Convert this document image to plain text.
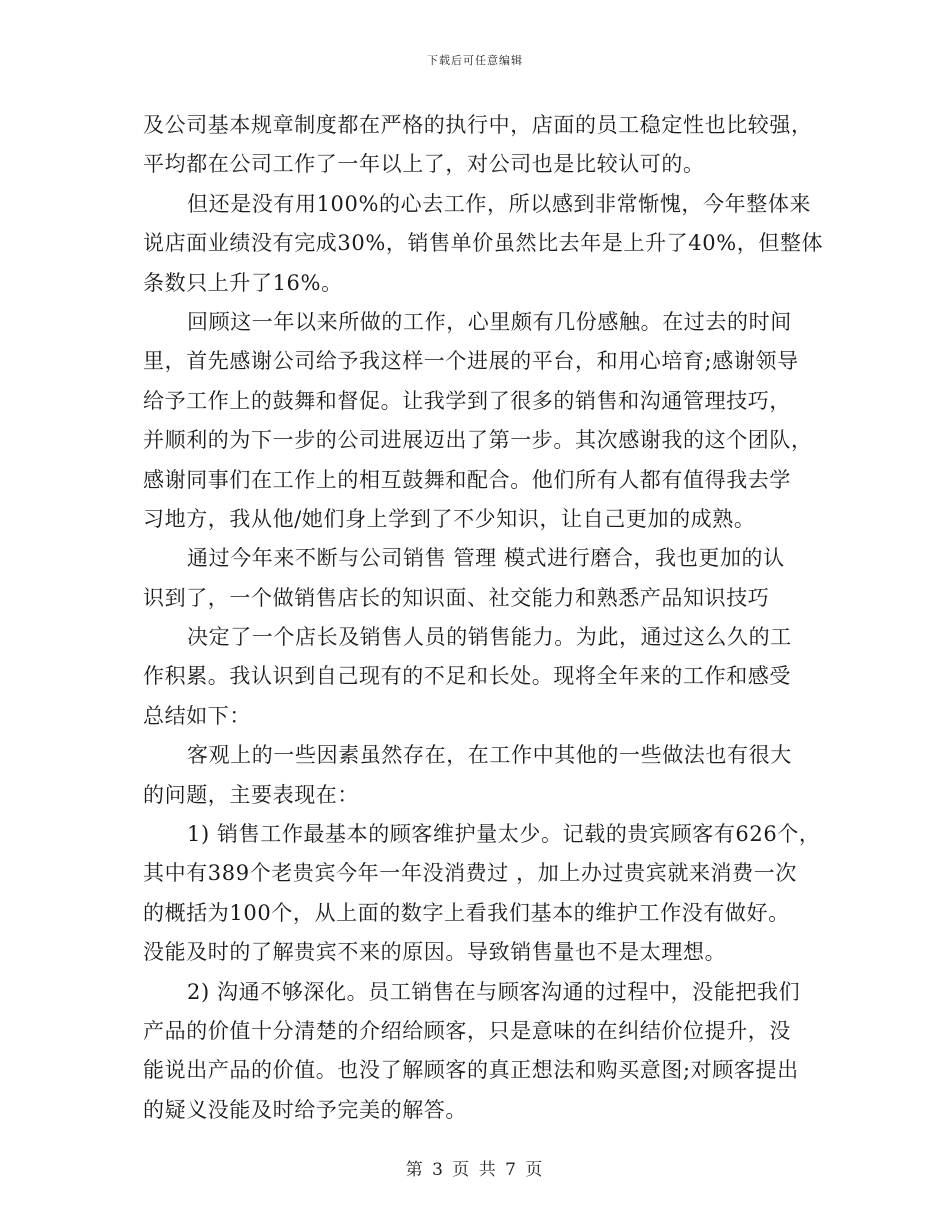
下载后可任意编辑
及公司基本规章制度都在严格的执行中，店面的员工稳定性也比较强，
平均都在公司工作了一年以上了，对公司也是比较认可的。
但还是没有用100%的心去工作，所以感到非常惭愧，今年整体来
说店面业绩没有完成30%，销售单价虽然比去年是上升了40%，但整体
条数只上升了16%。
回顾这一年以来所做的工作，心里颇有几份感触。在过去的时间
里，首先感谢公司给予我这样一个进展的平台，和用心培育;感谢领导
给予工作上的鼓舞和督促。让我学到了很多的销售和沟通管理技巧，
并顺利的为下一步的公司进展迈出了第一步。其次感谢我的这个团队，
感谢同事们在工作上的相互鼓舞和配合。他们所有人都有值得我去学
习地方，我从他/她们身上学到了不少知识，让自己更加的成熟。
通过今年来不断与公司销售 管理 模式进行磨合，我也更加的认
识到了，一个做销售店长的知识面、社交能力和熟悉产品知识技巧
决定了一个店长及销售人员的销售能力。为此，通过这么久的工
作积累。我认识到自己现有的不足和长处。现将全年来的工作和感受
总结如下：
客观上的一些因素虽然存在，在工作中其他的一些做法也有很大
的问题，主要表现在：
1) 销售工作最基本的顾客维护量太少。记载的贵宾顾客有626个，
其中有389个老贵宾今年一年没消费过 ，加上办过贵宾就来消费一次
的概括为100个，从上面的数字上看我们基本的维护工作没有做好。
没能及时的了解贵宾不来的原因。导致销售量也不是太理想。
2) 沟通不够深化。员工销售在与顾客沟通的过程中，没能把我们
产品的价值十分清楚的介绍给顾客，只是意味的在纠结价位提升，没
能说出产品的价值。也没了解顾客的真正想法和购买意图;对顾客提出
的疑义没能及时给予完美的解答。
第 3 页 共 7 页
